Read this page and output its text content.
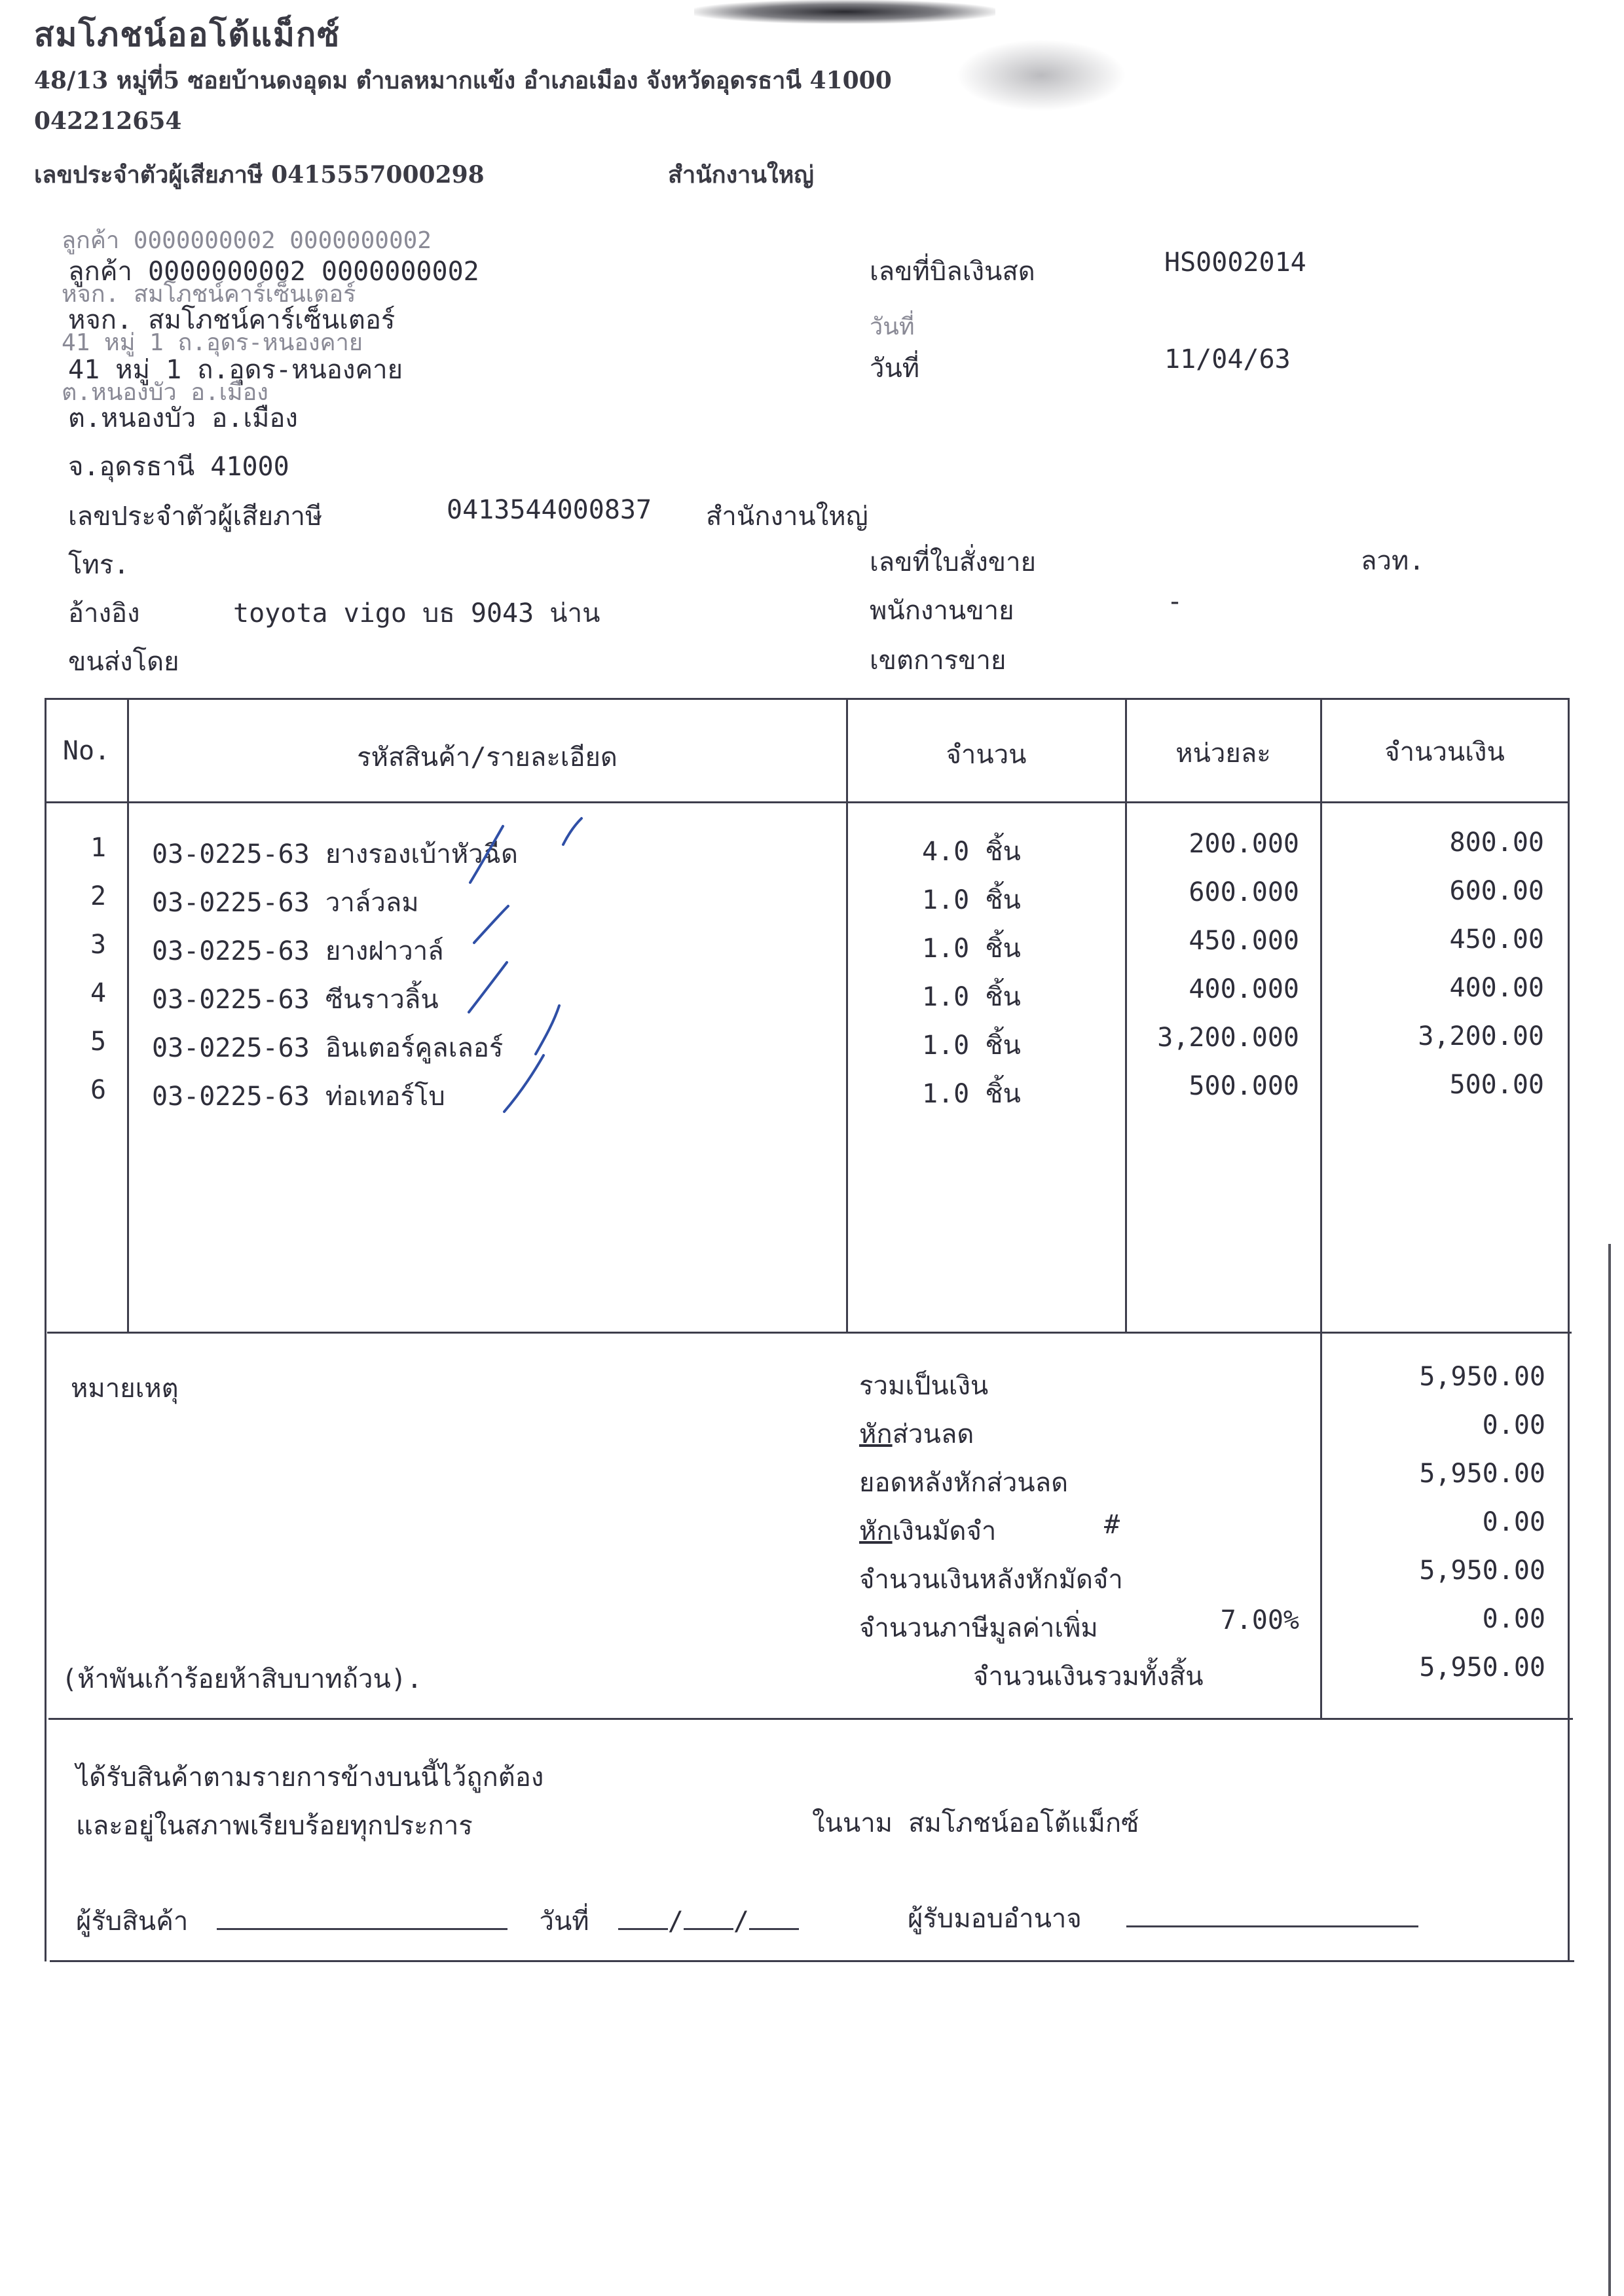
สมโภชน์ออโต้แม็กซ์
48/13 หมู่ที่5 ซอยบ้านดงอุดม ตำบลหมากแข้ง อำเภอเมือง จังหวัดอุดรธานี 41000
042212654
เลขประจำตัวผู้เสียภาษี 0415557000298	สำนักงานใหญ่
ลูกค้า 0000000002 0000000002
ลูกค้า 0000000002 0000000002
หจก. สมโภชน์คาร์เซ็นเตอร์
หจก. สมโภชน์คาร์เซ็นเตอร์
41 หมู่ 1 ถ.อุดร-หนองคาย
41 หมู่ 1 ถ.อุดร-หนองคาย
ต.หนองบัว อ.เมือง
ต.หนองบัว อ.เมือง
จ.อุดรธานี 41000
เลขประจำตัวผู้เสียภาษี	0413544000837 สำนักงานใหญ่
โทร.
อ้างอิง	toyota vigo บธ 9043 น่าน
ขนส่งโดย
เลขที่บิลเงินสด	HS0002014
วันที่
วันที่	11/04/63
เลขที่ใบสั่งขาย	ลวท.
พนักงานขาย	-
เขตการขาย
No.	รหัสสินค้า/รายละเอียด	จำนวน	หน่วยละ	จำนวนเงิน
1	03-0225-63 ยางรองเบ้าหัวฉีด	4.0 ชิ้น	200.000	800.00
2	03-0225-63 วาล์วลม	1.0 ชิ้น	600.000	600.00
3	03-0225-63 ยางฝาวาล์	1.0 ชิ้น	450.000	450.00
4	03-0225-63 ซีนราวลิ้น	1.0 ชิ้น	400.000	400.00
5	03-0225-63 อินเตอร์คูลเลอร์	1.0 ชิ้น	3,200.000	3,200.00
6	03-0225-63 ท่อเทอร์โบ	1.0 ชิ้น	500.000	500.00
หมายเหตุ
(ห้าพันเก้าร้อยห้าสิบบาทถ้วน).
รวมเป็นเงิน	5,950.00
หักส่วนลด	0.00
ยอดหลังหักส่วนลด	5,950.00
หักเงินมัดจำ	#	0.00
จำนวนเงินหลังหักมัดจำ	5,950.00
จำนวนภาษีมูลค่าเพิ่ม	7.00%	0.00
จำนวนเงินรวมทั้งสิ้น	5,950.00
ได้รับสินค้าตามรายการข้างบนนี้ไว้ถูกต้อง
และอยู่ในสภาพเรียบร้อยทุกประการ	ในนาม สมโภชน์ออโต้แม็กซ์
ผู้รับสินค้า	วันที่	/ /	ผู้รับมอบอำนาจ
